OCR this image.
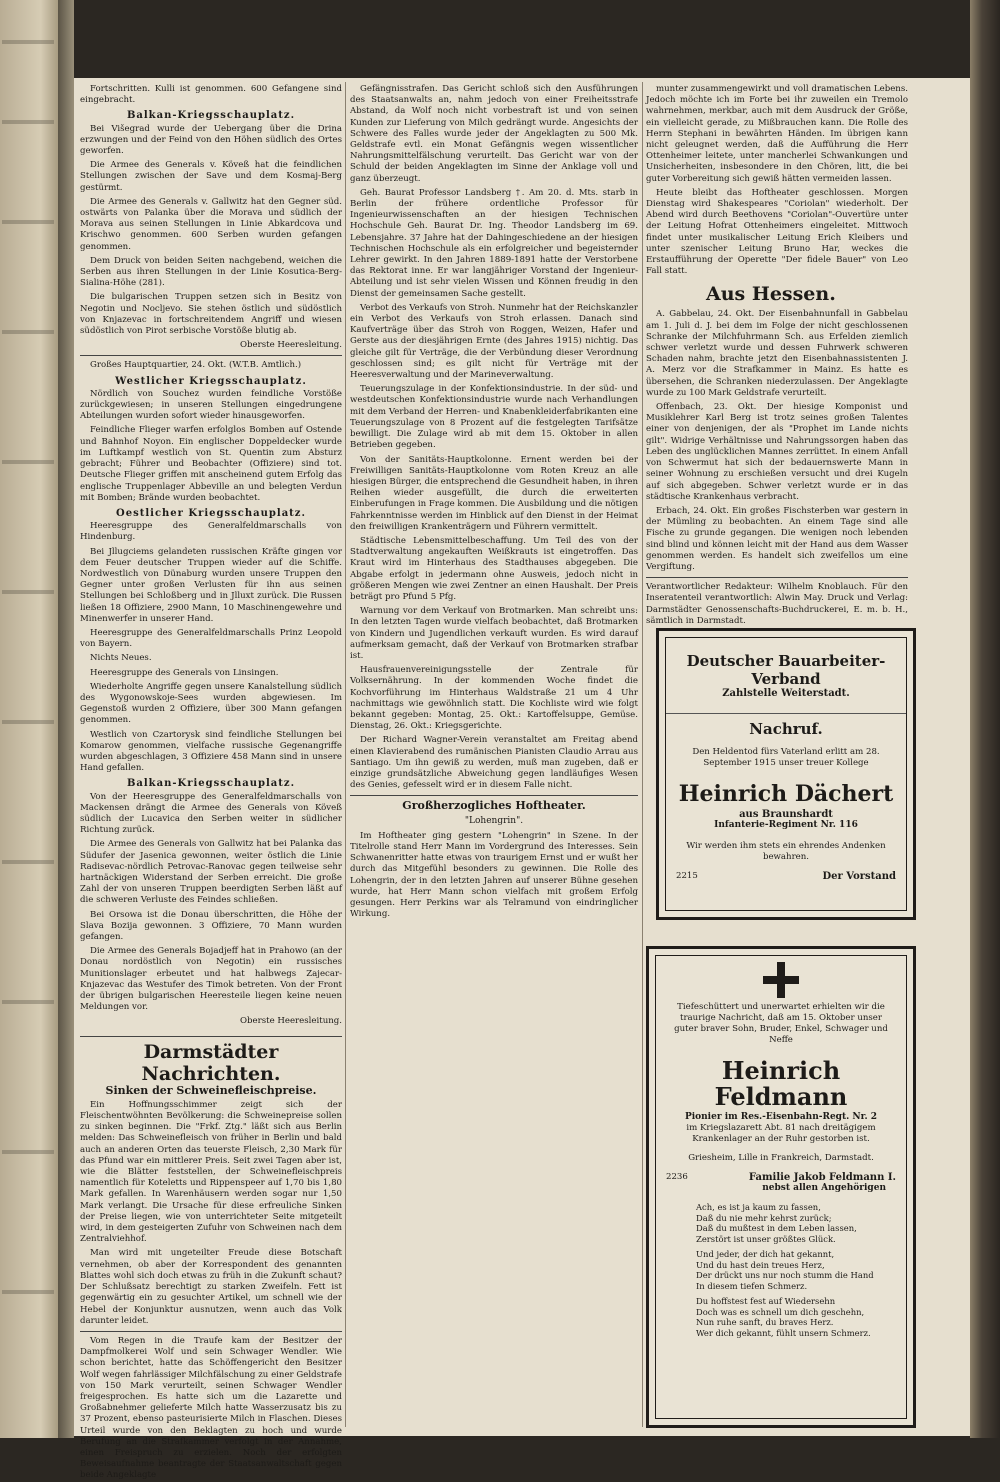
Fortschritten. Kulli ist genommen. 600 Gefangene sind eingebracht.

Balkan-Kriegsschauplatz.

Bei Višegrad wurde der Uebergang über die Drina erzwungen und der Feind von den Höhen südlich des Ortes geworfen.

Die Armee des Generals v. Köveß hat die feindlichen Stellungen zwischen der Save und dem Kosmaj-Berg gestürmt.

Die Armee des Generals v. Gallwitz hat den Gegner süd. ostwärts von Palanka über die Morava und südlich der Morava aus seinen Stellungen in Linie Abkardcova und Krischwo genommen. 600 Serben wurden gefangen genommen.

Dem Druck von beiden Seiten nachgebend, weichen die Serben aus ihren Stellungen in der Linie Kosutica-Berg-Sialina-Höhe (281).

Die bulgarischen Truppen setzen sich in Besitz von Negotin und Nocljevo. Sie stehen östlich und südöstlich von Knjazevac in fortschreitendem Angriff und wiesen südöstlich von Pirot serbische Vorstöße blutig ab.

Oberste Heeresleitung.

Großes Hauptquartier, 24. Okt. (W.T.B. Amtlich.)

Westlicher Kriegsschauplatz.

Nördlich von Souchez wurden feindliche Vorstöße zurückgewiesen; in unseren Stellungen eingedrungene Abteilungen wurden sofort wieder hinausgeworfen.

Feindliche Flieger warfen erfolglos Bomben auf Ostende und Bahnhof Noyon. Ein englischer Doppeldecker wurde im Luftkampf westlich von St. Quentin zum Absturz gebracht; Führer und Beobachter (Offiziere) sind tot. Deutsche Flieger griffen mit anscheinend gutem Erfolg das englische Truppenlager Abbeville an und belegten Verdun mit Bomben; Brände wurden beobachtet.

Oestlicher Kriegsschauplatz.

Heeresgruppe des Generalfeldmarschalls von Hindenburg.

Bei Jllugciems gelandeten russischen Kräfte gingen vor dem Feuer deutscher Truppen wieder auf die Schiffe. Nordwestlich von Dünaburg wurden unsere Truppen den Gegner unter großen Verlusten für ihn aus seinen Stellungen bei Schloßberg und in Jlluxt zurück. Die Russen ließen 18 Offiziere, 2900 Mann, 10 Maschinengewehre und Minenwerfer in unserer Hand.

Heeresgruppe des Generalfeldmarschalls Prinz Leopold von Bayern.

Nichts Neues.

Heeresgruppe des Generals von Linsingen.

Wiederholte Angriffe gegen unsere Kanalstellung südlich des Wygonowskoje-Sees wurden abgewiesen. Im Gegenstoß wurden 2 Offiziere, über 300 Mann gefangen genommen.

Westlich von Czartorysk sind feindliche Stellungen bei Komarow genommen, vielfache russische Gegenangriffe wurden abgeschlagen, 3 Offiziere 458 Mann sind in unsere Hand gefallen.

Balkan-Kriegsschauplatz.

Von der Heeresgruppe des Generalfeldmarschalls von Mackensen drängt die Armee des Generals von Köveß südlich der Lucavica den Serben weiter in südlicher Richtung zurück.

Die Armee des Generals von Gallwitz hat bei Palanka das Südufer der Jasenica gewonnen, weiter östlich die Linie Radisevac-nördlich Petrovac-Ranovac gegen teilweise sehr hartnäckigen Widerstand der Serben erreicht. Die große Zahl der von unseren Truppen beerdigten Serben läßt auf die schweren Verluste des Feindes schließen.

Bei Orsowa ist die Donau überschritten, die Höhe der Slava Bozija gewonnen. 3 Offiziere, 70 Mann wurden gefangen.

Die Armee des Generals Bojadjeff hat in Prahowo (an der Donau nordöstlich von Negotin) ein russisches Munitionslager erbeutet und hat halbwegs Zajecar-Knjazevac das Westufer des Timok betreten. Von der Front der übrigen bulgarischen Heeresteile liegen keine neuen Meldungen vor.

Oberste Heeresleitung.
Darmstädter Nachrichten.
Sinken der Schweinefleischpreise.

Ein Hoffnungsschimmer zeigt sich der Fleischentwöhnten Bevölkerung: die Schweinepreise sollen zu sinken beginnen. Die "Frkf. Ztg." läßt sich aus Berlin melden: Das Schweinefleisch von früher in Berlin und bald auch an anderen Orten das teuerste Fleisch, 2,30 Mark für das Pfund war ein mittlerer Preis. Seit zwei Tagen aber ist, wie die Blätter feststellen, der Schweinefleischpreis namentlich für Koteletts und Rippenspeer auf 1,70 bis 1,80 Mark gefallen. In Warenhäusern werden sogar nur 1,50 Mark verlangt. Die Ursache für diese erfreuliche Sinken der Preise liegen, wie von unterrichteter Seite mitgeteilt wird, in dem gesteigerten Zufuhr von Schweinen nach dem Zentralviehhof.

Man wird mit ungeteilter Freude diese Botschaft vernehmen, ob aber der Korrespondent des genannten Blattes wohl sich doch etwas zu früh in die Zukunft schaut? Der Schlußsatz berechtigt zu starken Zweifeln. Fett ist gegenwärtig ein zu gesuchter Artikel, um schnell wie der Hebel der Konjunktur ausnutzen, wenn auch das Volk darunter leidet.

Vom Regen in die Traufe kam der Besitzer der Dampfmolkerei Wolf und sein Schwager Wendler. Wie schon berichtet, hatte das Schöffengericht den Besitzer Wolf wegen fahrlässiger Milchfälschung zu einer Geldstrafe von 150 Mark verurteilt, seinen Schwager Wendler freigesprochen. Es hatte sich um die Lazarette und Großabnehmer gelieferte Milch hatte Wasserzusatz bis zu 37 Prozent, ebenso pasteurisierte Milch in Flaschen. Dieses Urteil wurde von den Beklagten zu hoch und wurde Berufung an die Strafkammer verfolgt in der Annahme, einen Freispruch zu erzielen. Noch der erfolgten Beweisaufnahme beantragte der Staatsanwaltschaft gegen beide Angeklagte

Gefängnisstrafen. Das Gericht schloß sich den Ausführungen des Staatsanwalts an, nahm jedoch von einer Freiheitsstrafe Abstand, da Wolf noch nicht vorbestraft ist und von seinen Kunden zur Lieferung von Milch gedrängt wurde. Angesichts der Schwere des Falles wurde jeder der Angeklagten zu 500 Mk. Geldstrafe evtl. ein Monat Gefängnis wegen wissentlicher Nahrungsmittelfälschung verurteilt. Das Gericht war von der Schuld der beiden Angeklagten im Sinne der Anklage voll und ganz überzeugt.

Geh. Baurat Professor Landsberg †. Am 20. d. Mts. starb in Berlin der frühere ordentliche Professor für Ingenieurwissenschaften an der hiesigen Technischen Hochschule Geh. Baurat Dr. Ing. Theodor Landsberg im 69. Lebensjahre. 37 Jahre hat der Dahingeschiedene an der hiesigen Technischen Hochschule als ein erfolgreicher und begeisternder Lehrer gewirkt. In den Jahren 1889-1891 hatte der Verstorbene das Rektorat inne. Er war langjähriger Vorstand der Ingenieur-Abteilung und ist sehr vielen Wissen und Können freudig in den Dienst der gemeinsamen Sache gestellt.

Verbot des Verkaufs von Stroh. Nunmehr hat der Reichskanzler ein Verbot des Verkaufs von Stroh erlassen. Danach sind Kaufverträge über das Stroh von Roggen, Weizen, Hafer und Gerste aus der diesjährigen Ernte (des Jahres 1915) nichtig. Das gleiche gilt für Verträge, die der Verbündung dieser Verordnung geschlossen sind; es gilt nicht für Verträge mit der Heeresverwaltung und der Marineverwaltung.

Teuerungszulage in der Konfektionsindustrie. In der süd- und westdeutschen Konfektionsindustrie wurde nach Verhandlungen mit dem Verband der Herren- und Knabenkleiderfabrikanten eine Teuerungszulage von 8 Prozent auf die festgelegten Tarifsätze bewilligt. Die Zulage wird ab mit dem 15. Oktober in allen Betrieben gegeben.

Von der Sanitäts-Hauptkolonne. Ernent werden bei der Freiwilligen Sanitäts-Hauptkolonne vom Roten Kreuz an alle hiesigen Bürger, die entsprechend die Gesundheit haben, in ihren Reihen wieder ausgefüllt, die durch die erweiterten Einberufungen in Frage kommen. Die Ausbildung und die nötigen Fahrkenntnisse werden im Hinblick auf den Dienst in der Heimat den freiwilligen Krankenträgern und Führern vermittelt.

Städtische Lebensmittelbeschaffung. Um Teil des von der Stadtverwaltung angekauften Weißkrauts ist eingetroffen. Das Kraut wird im Hinterhaus des Stadthauses abgegeben. Die Abgabe erfolgt in jedermann ohne Ausweis, jedoch nicht in größeren Mengen wie zwei Zentner an einen Haushalt. Der Preis beträgt pro Pfund 5 Pfg.

Warnung vor dem Verkauf von Brotmarken. Man schreibt uns: In den letzten Tagen wurde vielfach beobachtet, daß Brotmarken von Kindern und Jugendlichen verkauft wurden. Es wird darauf aufmerksam gemacht, daß der Verkauf von Brotmarken strafbar ist.

Hausfrauenvereinigungsstelle der Zentrale für Volksernährung. In der kommenden Woche findet die Kochvorführung im Hinterhaus Waldstraße 21 um 4 Uhr nachmittags wie gewöhnlich statt. Die Kochliste wird wie folgt bekannt gegeben: Montag, 25. Okt.: Kartoffelsuppe, Gemüse. Dienstag, 26. Okt.: Kriegsgerichte.

Der Richard Wagner-Verein veranstaltet am Freitag abend einen Klavierabend des rumänischen Pianisten Claudio Arrau aus Santiago. Um ihn gewiß zu werden, muß man zugeben, daß er einzige grundsätzliche Abweichung gegen landläufiges Wesen des Genies, gefesselt wird er in diesem Falle nicht.

Großherzogliches Hoftheater.
"Lohengrin".

Im Hoftheater ging gestern "Lohengrin" in Szene. In der Titelrolle stand Herr Mann im Vordergrund des Interesses. Sein Schwanenritter hatte etwas von traurigem Ernst und er wußt her durch das Mitgefühl besonders zu gewinnen. Die Rolle des Lohengrin, der in den letzten Jahren auf unserer Bühne gesehen wurde, hat Herr Mann schon vielfach mit großem Erfolg gesungen. Herr Perkins war als Telramund von eindringlicher Wirkung.

munter zusammengewirkt und voll dramatischen Lebens. Jedoch möchte ich im Forte bei ihr zuweilen ein Tremolo wahrnehmen, merkbar, auch mit dem Ausdruck der Größe, ein vielleicht gerade, zu Mißbrauchen kann. Die Rolle des Herrn Stephani in bewährten Händen. Im übrigen kann nicht geleugnet werden, daß die Aufführung die Herr Ottenheimer leitete, unter mancherlei Schwankungen und Unsicherheiten, insbesondere in den Chören, litt, die bei guter Vorbereitung sich gewiß hätten vermeiden lassen.

Heute bleibt das Hoftheater geschlossen. Morgen Dienstag wird Shakespeares "Coriolan" wiederholt. Der Abend wird durch Beethovens "Coriolan"-Ouvertüre unter der Leitung Hofrat Ottenheimers eingeleitet. Mittwoch findet unter musikalischer Leitung Erich Kleibers und unter szenischer Leitung Bruno Har, weckes die Erstaufführung der Operette "Der fidele Bauer" von Leo Fall statt.

Aus Hessen.

A. Gabbelau, 24. Okt. Der Eisenbahnunfall in Gabbelau am 1. Juli d. J. bei dem im Folge der nicht geschlossenen Schranke der Milchfuhrmann Sch. aus Erfelden ziemlich schwer verletzt wurde und dessen Fuhrwerk schweren Schaden nahm, brachte jetzt den Eisenbahnassistenten J. A. Merz vor die Strafkammer in Mainz. Es hatte es übersehen, die Schranken niederzulassen. Der Angeklagte wurde zu 100 Mark Geldstrafe verurteilt.

Offenbach, 23. Okt. Der hiesige Komponist und Musiklehrer Karl Berg ist trotz seines großen Talentes einer von denjenigen, der als "Prophet im Lande nichts gilt". Widrige Verhältnisse und Nahrungssorgen haben das Leben des unglücklichen Mannes zerrüttet. In einem Anfall von Schwermut hat sich der bedauernswerte Mann in seiner Wohnung zu erschießen versucht und drei Kugeln auf sich abgegeben. Schwer verletzt wurde er in das städtische Krankenhaus verbracht.

Erbach, 24. Okt. Ein großes Fischsterben war gestern in der Mümling zu beobachten. An einem Tage sind alle Fische zu grunde gegangen. Die wenigen noch lebenden sind blind und können leicht mit der Hand aus dem Wasser genommen werden. Es handelt sich zweifellos um eine Vergiftung.

Verantwortlicher Redakteur: Wilhelm Knoblauch. Für den Inseratenteil verantwortlich: Alwin May. Druck und Verlag: Darmstädter Genossenschafts-Buchdruckerei, E. m. b. H., sämtlich in Darmstadt.

Deutscher Bauarbeiter-Verband
Zahlstelle Weiterstadt.
Nachruf.
Den Heldentod fürs Vaterland erlitt am 28. September 1915 unser treuer Kollege
Heinrich Dächert
aus Braunshardt
Infanterie-Regiment Nr. 116
Wir werden ihm stets ein ehrendes Andenken bewahren.
2215	Der Vorstand
Tiefeschüttert und unerwartet erhielten wir die traurige Nachricht, daß am 15. Oktober unser guter braver Sohn, Bruder, Enkel, Schwager und Neffe
Heinrich Feldmann
Pionier im Res.-Eisenbahn-Regt. Nr. 2
im Kriegslazarett Abt. 81 nach dreitägigem Krankenlager an der Ruhr gestorben ist.
Griesheim, Lille in Frankreich, Darmstadt.
2236	Familie Jakob Feldmann I.
nebst allen Angehörigen
Ach, es ist ja kaum zu fassen,
Daß du nie mehr kehrst zurück;
Daß du mußtest in dem Leben lassen,
Zerstört ist unser größtes Glück.
Und jeder, der dich hat gekannt,
Und du hast dein treues Herz,
Der drückt uns nur noch stumm die Hand
In diesem tiefen Schmerz.
Du hoffstest fest auf Wiedersehn
Doch was es schnell um dich geschehn,
Nun ruhe sanft, du braves Herz.
Wer dich gekannt, fühlt unsern Schmerz.
